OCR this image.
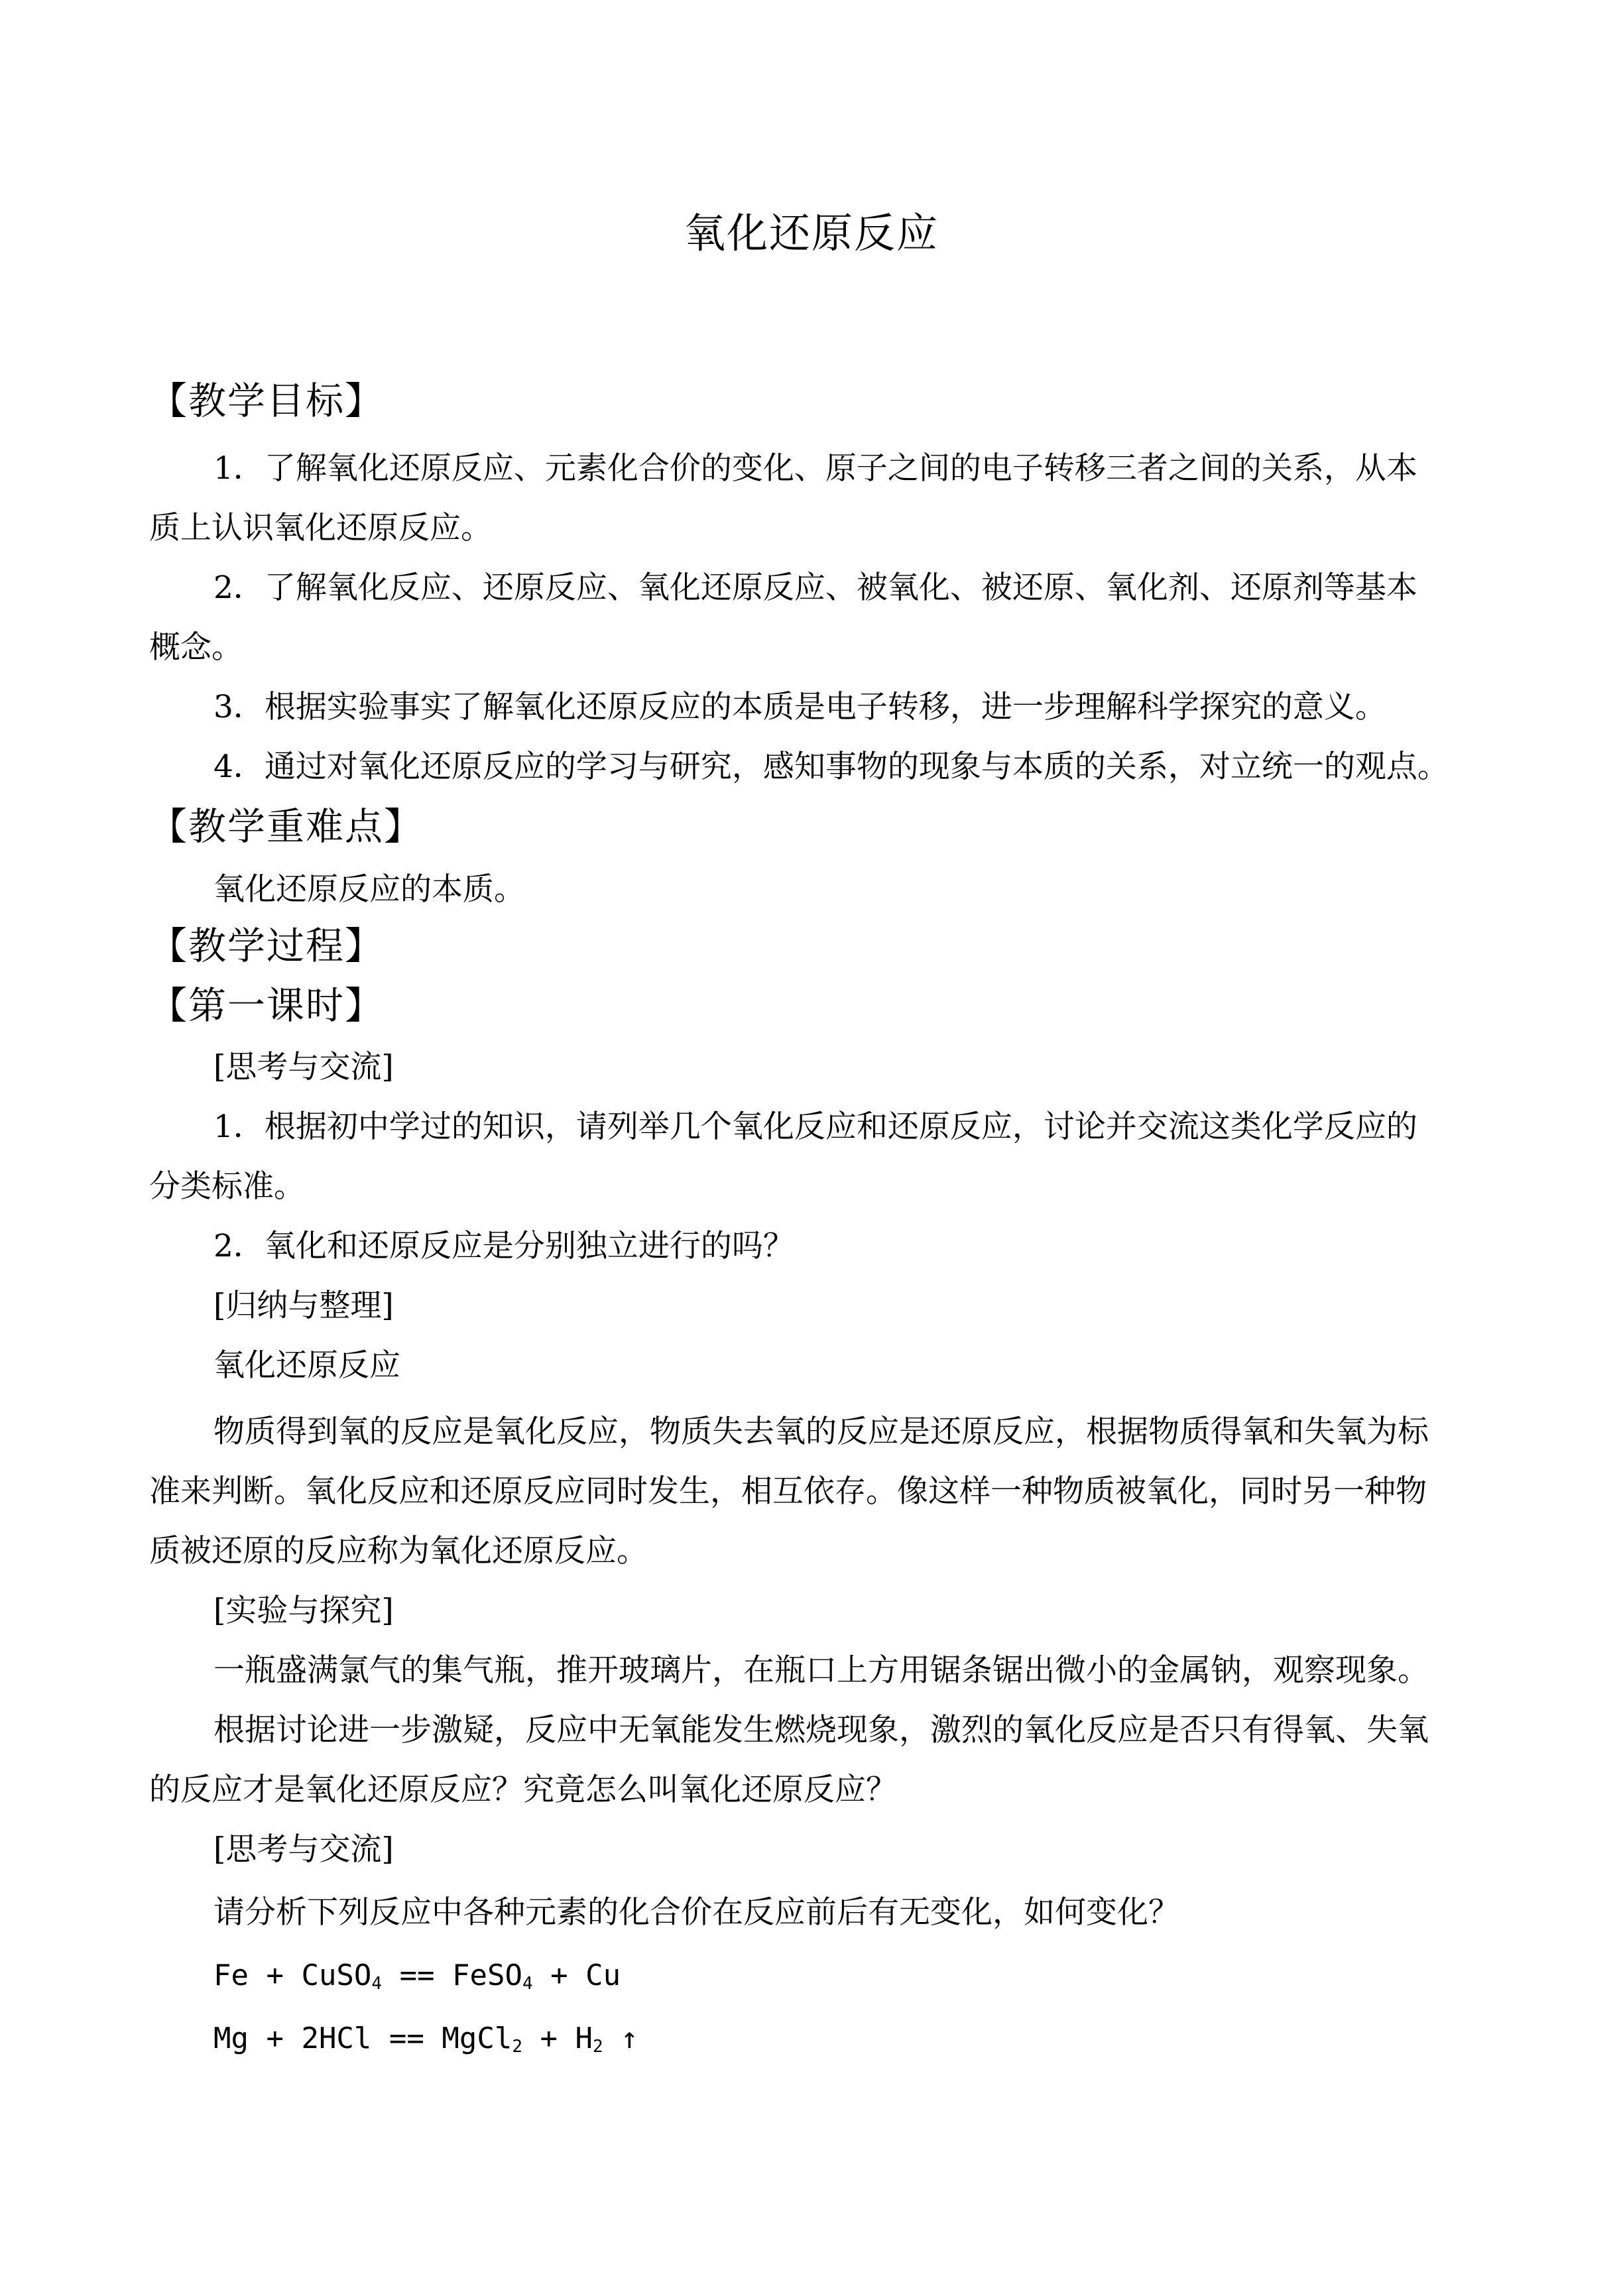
氧化还原反应
【教学目标】
1．了解氧化还原反应、元素化合价的变化、原子之间的电子转移三者之间的关系，从本
质上认识氧化还原反应。
2．了解氧化反应、还原反应、氧化还原反应、被氧化、被还原、氧化剂、还原剂等基本
概念。
3．根据实验事实了解氧化还原反应的本质是电子转移，进一步理解科学探究的意义。
4．通过对氧化还原反应的学习与研究，感知事物的现象与本质的关系，对立统一的观点。
【教学重难点】
氧化还原反应的本质。
【教学过程】
【第一课时】
[思考与交流]
1．根据初中学过的知识，请列举几个氧化反应和还原反应，讨论并交流这类化学反应的
分类标准。
2．氧化和还原反应是分别独立进行的吗？
[归纳与整理]
氧化还原反应
物质得到氧的反应是氧化反应，物质失去氧的反应是还原反应，根据物质得氧和失氧为标
准来判断。氧化反应和还原反应同时发生，相互依存。像这样一种物质被氧化，同时另一种物
质被还原的反应称为氧化还原反应。
[实验与探究]
一瓶盛满氯气的集气瓶，推开玻璃片，在瓶口上方用锯条锯出微小的金属钠，观察现象。
根据讨论进一步激疑，反应中无氧能发生燃烧现象，激烈的氧化反应是否只有得氧、失氧
的反应才是氧化还原反应？究竟怎么叫氧化还原反应？
[思考与交流]
请分析下列反应中各种元素的化合价在反应前后有无变化，如何变化？
Fe + CuSO$_4$ == FeSO$_4$ + Cu
Mg + 2HCl == MgCl$_2$ + $H_2$ ↑
